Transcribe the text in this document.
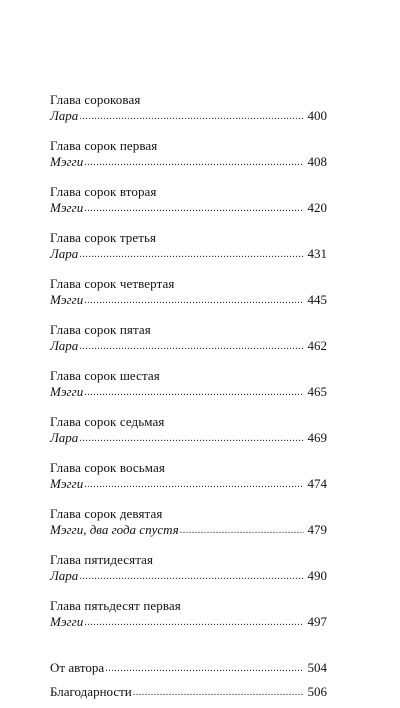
Глава сороковая
Лара .....	400
Глава сорок первая
Мэгги .....	408
Глава сорок вторая
Мэгги .....	420
Глава сорок третья
Лара .....	431
Глава сорок четвертая
Мэгги .....	445
Глава сорок пятая
Лара .....	462
Глава сорок шестая
Мэгги .....	465
Глава сорок седьмая
Лара .....	469
Глава сорок восьмая
Мэгги .....	474
Глава сорок девятая
Мэгги, два года спустя .....	479
Глава пятидесятая
Лара .....	490
Глава пятьдесят первая
Мэгги .....	497
От автора .....	504
Благодарности .....	506
